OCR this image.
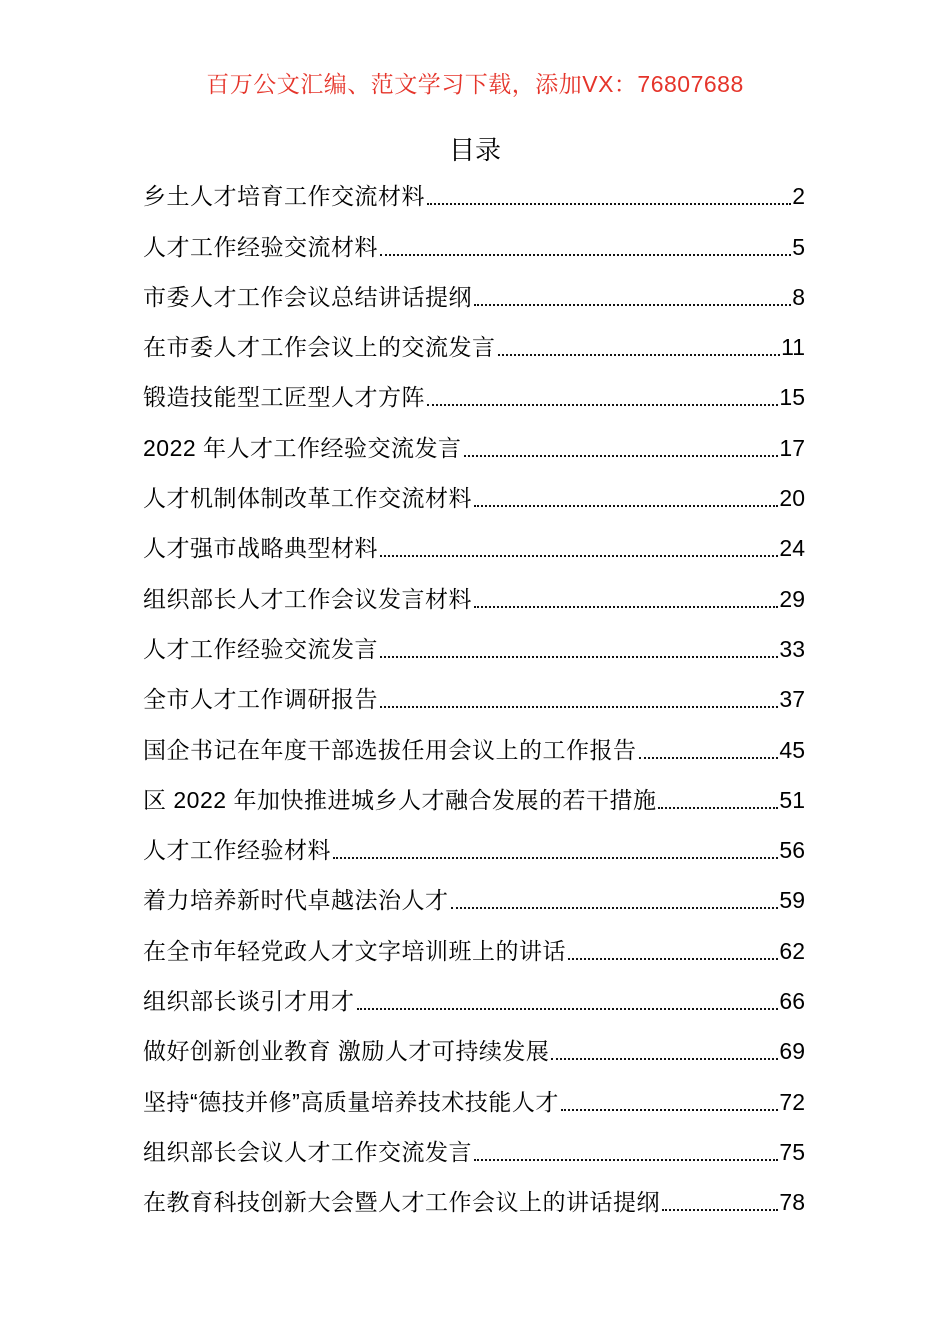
百万公文汇编、范文学习下载，添加VX：76807688
目录
乡土人才培育工作交流材料	2
人才工作经验交流材料	5
市委人才工作会议总结讲话提纲	8
在市委人才工作会议上的交流发言	11
锻造技能型工匠型人才方阵	15
2022 年人才工作经验交流发言	17
人才机制体制改革工作交流材料	20
人才强市战略典型材料	24
组织部长人才工作会议发言材料	29
人才工作经验交流发言	33
全市人才工作调研报告	37
国企书记在年度干部选拔任用会议上的工作报告	45
区 2022 年加快推进城乡人才融合发展的若干措施	51
人才工作经验材料	56
着力培养新时代卓越法治人才	59
在全市年轻党政人才文字培训班上的讲话	62
组织部长谈引才用才	66
做好创新创业教育 激励人才可持续发展	69
坚持“德技并修”高质量培养技术技能人才	72
组织部长会议人才工作交流发言	75
在教育科技创新大会暨人才工作会议上的讲话提纲	78
